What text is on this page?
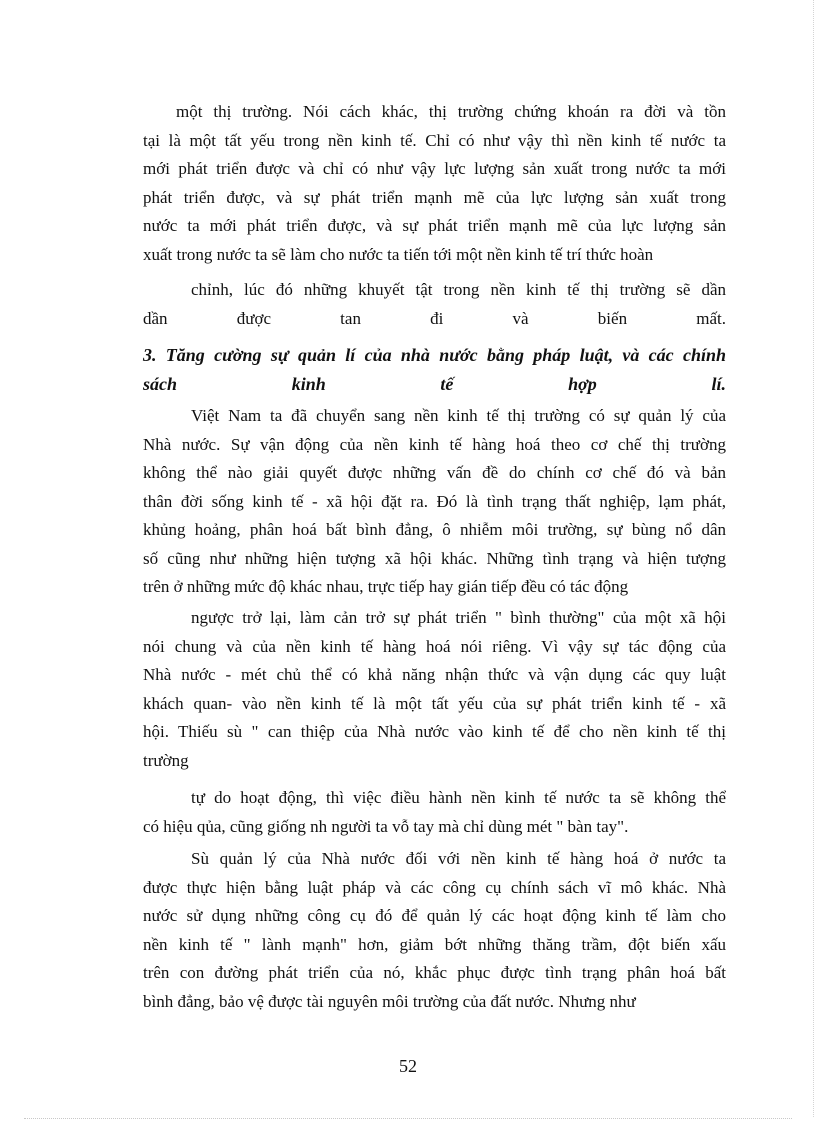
một thị trường. Nói cách khác, thị trường chứng khoán ra đời và tồn
tại là một tất yếu trong nền kinh tế. Chỉ có như vậy thì nền kinh tế nước ta
mới phát triển được và chỉ có như vậy lực lượng sản xuất trong nước ta mới
phát triển được, và sự phát triển mạnh mẽ của lực lượng sản xuất trong
nước ta mới phát triển được, và sự phát triển mạnh mẽ của lực lượng sản
xuất trong nước ta sẽ làm cho nước ta tiến tới một nền kinh tế trí thức hoàn

chỉnh, lúc đó những khuyết tật trong nền kinh tế thị trường sẽ dần
dần được tan đi và biến mất.

3. Tăng cường sự quản lí của nhà nước bằng pháp luật, và các chính
sách kinh tế hợp lí.

Việt Nam ta đã chuyển sang nền kinh tế thị trường có sự quản lý của
Nhà nước. Sự vận động của nền kinh tế hàng hoá theo cơ chế thị trường
không thể nào giải quyết được những vấn đề do chính cơ chế đó và bản
thân đời sống kinh tế - xã hội đặt ra. Đó là tình trạng thất nghiệp, lạm phát,
khủng hoảng, phân hoá bất bình đẳng, ô nhiễm môi trường, sự bùng nổ dân
số cũng như những hiện tượng xã hội khác. Những tình trạng và hiện tượng
trên ở những mức độ khác nhau, trực tiếp hay gián tiếp đều có tác động

ngược trở lại, làm cản trở sự phát triển " bình thường" của một xã hội
nói chung và của nền kinh tế hàng hoá nói riêng. Vì vậy sự tác động của
Nhà nước - mét chủ thể có khả năng nhận thức và vận dụng các quy luật
khách quan- vào nền kinh tế là một tất yếu của sự phát triển kinh tế - xã
hội. Thiếu sù " can thiệp của Nhà nước vào kinh tế để cho nền kinh tế thị
trường

tự do hoạt động, thì việc điều hành nền kinh tế nước ta sẽ không thể
có hiệu qủa, cũng giống nh người ta vỗ tay mà chỉ dùng mét " bàn tay".

Sù quản lý của Nhà nước đối với nền kinh tế hàng hoá ở nước ta
được thực hiện bằng luật pháp và các công cụ chính sách vĩ mô khác. Nhà
nước sử dụng những công cụ đó để quản lý các hoạt động kinh tế làm cho
nền kinh tế " lành mạnh" hơn, giảm bớt những thăng trầm, đột biến xấu
trên con đường phát triển của nó, khắc phục được tình trạng phân hoá bất
bình đẳng, bảo vệ được tài nguyên môi trường của đất nước. Nhưng như

52
